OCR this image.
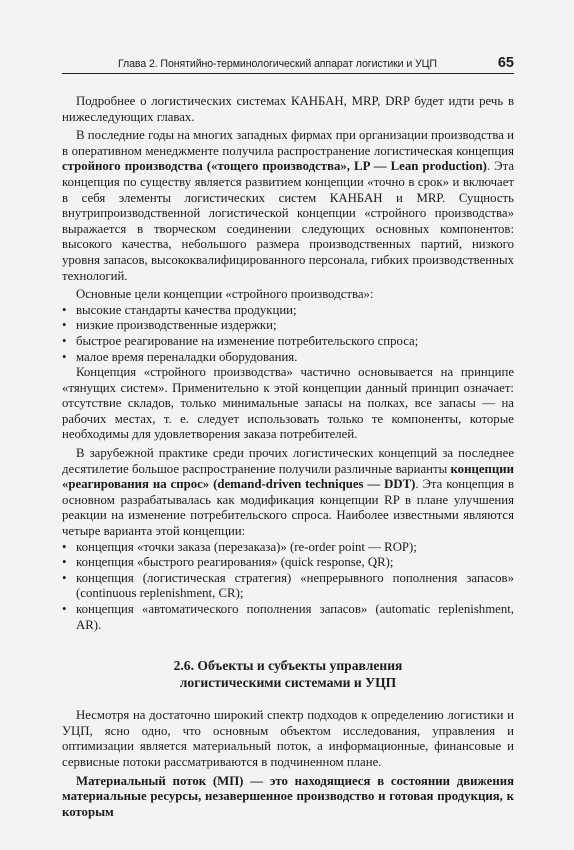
Глава 2. Понятийно-терминологический аппарат логистики и УЦП	65

Подробнее о логистических системах КАНБАН, MRP, DRP будет идти речь в нижеследующих главах.

В последние годы на многих западных фирмах при организации производства и в оперативном менеджменте получила распространение логистическая концепция стройного производства («тощего производства», LP — Lean production). Эта концепция по существу является развитием концепции «точно в срок» и включает в себя элементы логистических систем КАНБАН и MRP. Сущность внутрипроизводственной логистической концепции «стройного производства» выражается в творческом соединении следующих основных компонентов: высокого качества, небольшого размера производственных партий, низкого уровня запасов, высококвалифицированного персонала, гибких производственных технологий.

Основные цели концепции «стройного производства»:

• высокие стандарты качества продукции;
• низкие производственные издержки;
• быстрое реагирование на изменение потребительского спроса;
• малое время переналадки оборудования.

Концепция «стройного производства» частично основывается на принципе «тянущих систем». Применительно к этой концепции данный принцип означает: отсутствие складов, только минимальные запасы на полках, все запасы — на рабочих местах, т. е. следует использовать только те компоненты, которые необходимы для удовлетворения заказа потребителей.

В зарубежной практике среди прочих логистических концепций за последнее десятилетие большое распространение получили различные варианты концепции «реагирования на спрос» (demand-driven techniques — DDT). Эта концепция в основном разрабатывалась как модификация концепции RP в плане улучшения реакции на изменение потребительского спроса. Наиболее известными являются четыре варианта этой концепции:

• концепция «точки заказа (перезаказа)» (re-order point — ROP);
• концепция «быстрого реагирования» (quick response, QR);
• концепция (логистическая стратегия) «непрерывного пополнения запасов» (continuous replenishment, CR);
• концепция «автоматического пополнения запасов» (automatic replenishment, AR).
2.6. Объекты и субъекты управления
логистическими системами и УЦП

Несмотря на достаточно широкий спектр подходов к определению логистики и УЦП, ясно одно, что основным объектом исследования, управления и оптимизации является материальный поток, а информационные, финансовые и сервисные потоки рассматриваются в подчиненном плане.

Материальный поток (МП) — это находящиеся в состоянии движения материальные ресурсы, незавершенное производство и готовая продукция, к которым
